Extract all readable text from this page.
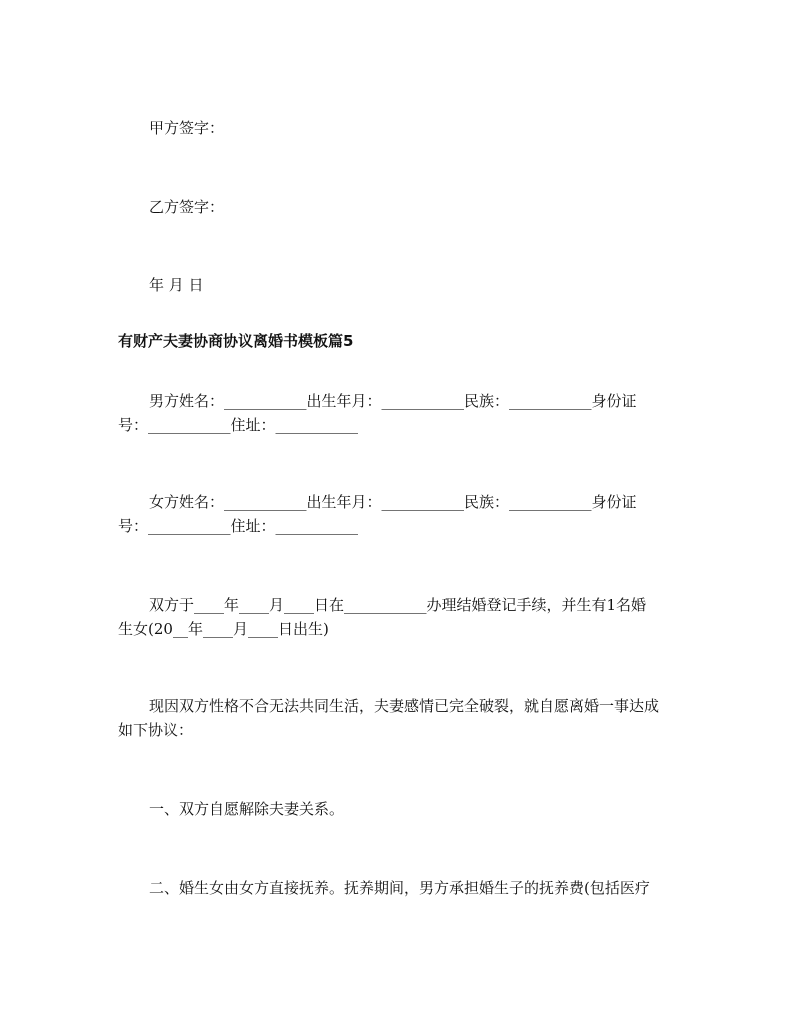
甲方签字：
乙方签字：
年 月 日
有财产夫妻协商协议离婚书模板篇5
男方姓名：___________出生年月：___________民族：___________身份证
号：___________住址：___________
女方姓名：___________出生年月：___________民族：___________身份证
号：___________住址：___________
双方于____年____月____日在___________办理结婚登记手续，并生有1名婚
生女(20__年____月____日出生)
现因双方性格不合无法共同生活，夫妻感情已完全破裂，就自愿离婚一事达成
如下协议：
一、双方自愿解除夫妻关系。
二、婚生女由女方直接抚养。抚养期间，男方承担婚生子的抚养费(包括医疗
